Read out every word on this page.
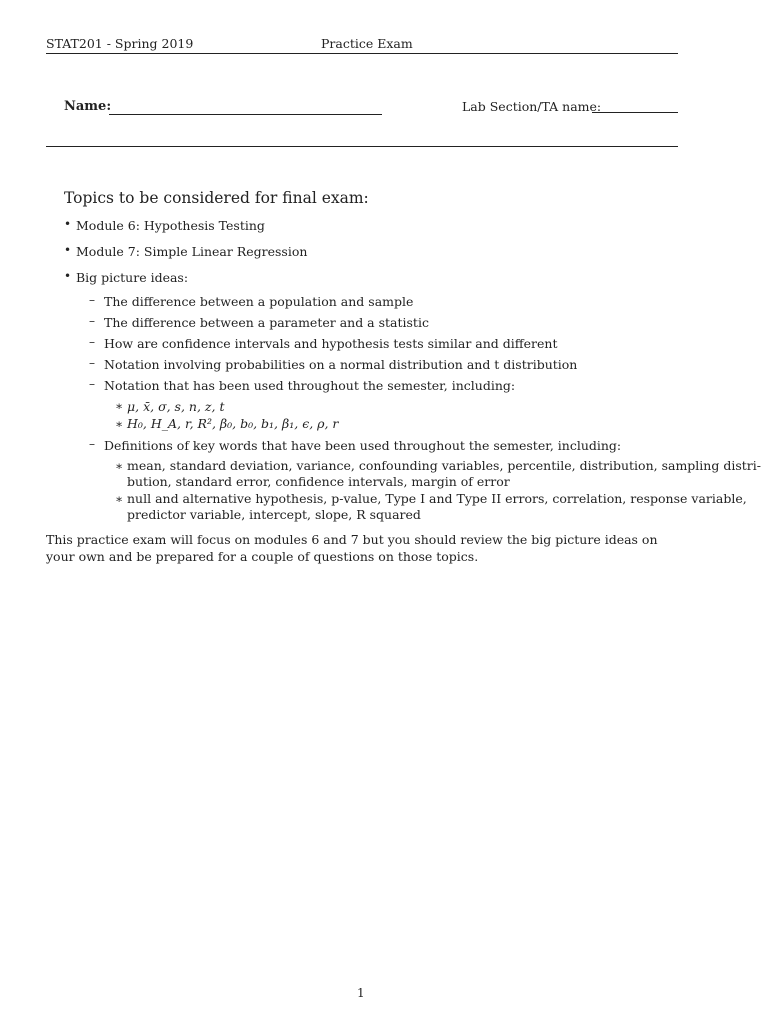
STAT201 - Spring 2019	Practice Exam
Name:	Lab Section/TA name:
Topics to be considered for final exam:
• Module 6: Hypothesis Testing
• Module 7: Simple Linear Regression
• Big picture ideas:
– The difference between a population and sample
– The difference between a parameter and a statistic
– How are confidence intervals and hypothesis tests similar and different
– Notation involving probabilities on a normal distribution and t distribution
– Notation that has been used throughout the semester, including:
∗ μ, x̄, σ, s, n, z, t
∗ H₀, H_A, r, R², β₀, b₀, b₁, β₁, ϵ, ρ, r
– Definitions of key words that have been used throughout the semester, including:
∗ mean, standard deviation, variance, confounding variables, percentile, distribution, sampling distri-
bution, standard error, confidence intervals, margin of error
∗ null and alternative hypothesis, p-value, Type I and Type II errors, correlation, response variable,
predictor variable, intercept, slope, R squared
This practice exam will focus on modules 6 and 7 but you should review the big picture ideas on your own and be prepared for a couple of questions on those topics.
1
